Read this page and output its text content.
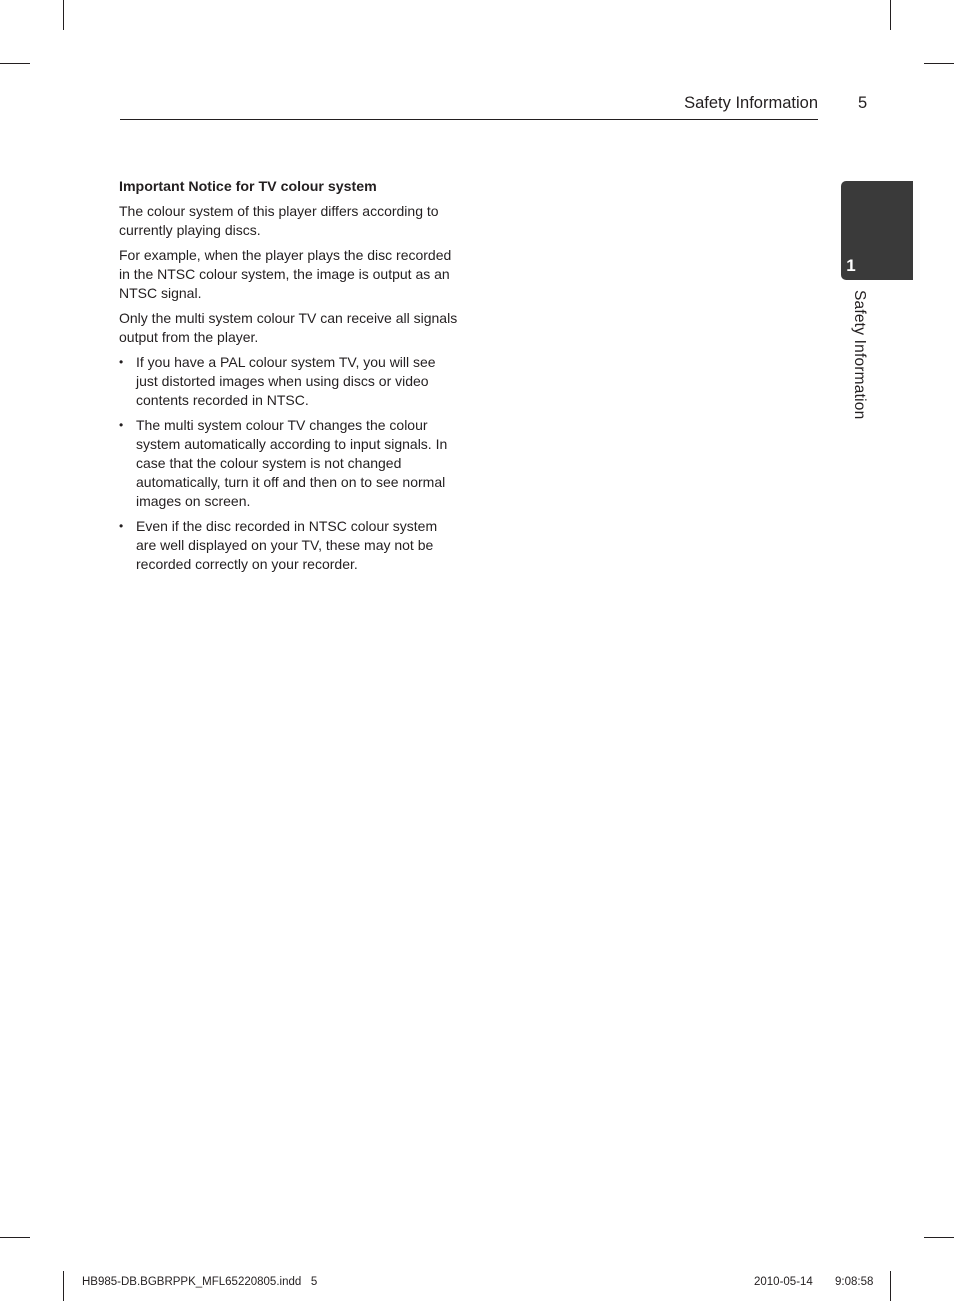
Safety Information 5
1
Safety Information
Important Notice for TV colour system

The colour system of this player differs according to currently playing discs.

For example, when the player plays the disc recorded in the NTSC colour system, the image is output as an NTSC signal.

Only the multi system colour TV can receive all signals output from the player.

• If you have a PAL colour system TV, you will see just distorted images when using discs or video contents recorded in NTSC.
• The multi system colour TV changes the colour system automatically according to input signals. In case that the colour system is not changed automatically, turn it off and then on to see normal images on screen.
• Even if the disc recorded in NTSC colour system are well displayed on your TV, these may not be recorded correctly on your recorder.
HB985-DB.BGBRPPK_MFL65220805.indd   5	2010-05-14 9:08:58
